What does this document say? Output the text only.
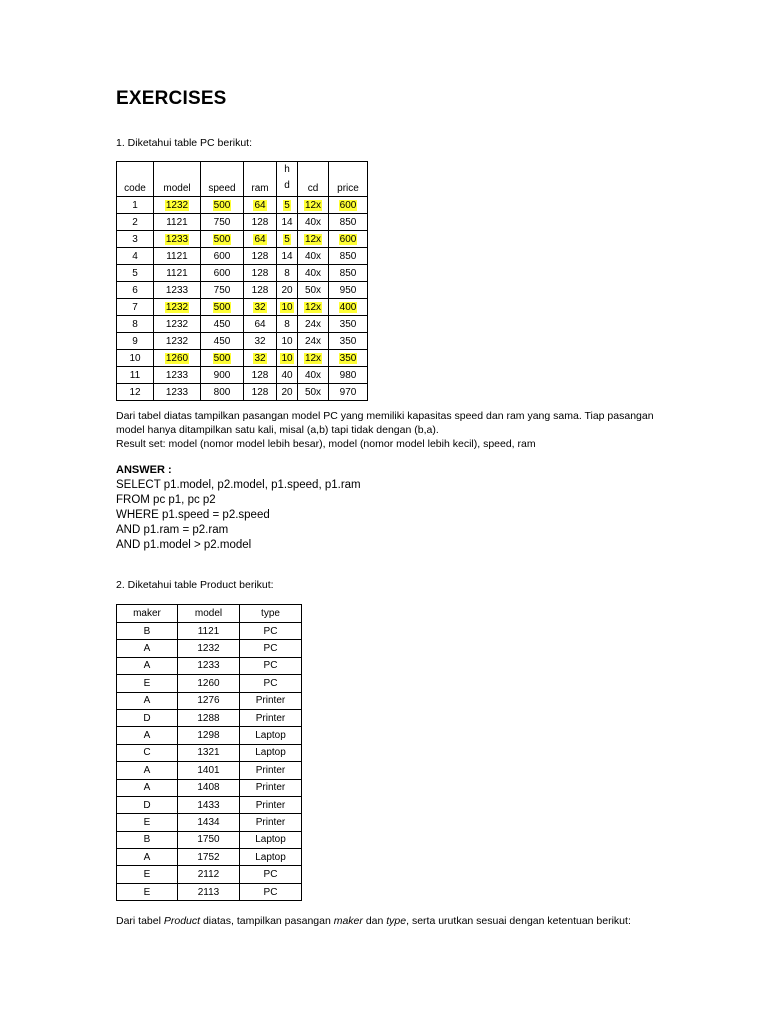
EXERCISES
1. Diketahui table PC berikut:
code	model	speed	ram	h d	cd	price
1	1232	500	64	5	12x	600
2	1121	750	128	14	40x	850
3	1233	500	64	5	12x	600
4	1121	600	128	14	40x	850
5	1121	600	128	8	40x	850
6	1233	750	128	20	50x	950
7	1232	500	32	10	12x	400
8	1232	450	64	8	24x	350
9	1232	450	32	10	24x	350
10	1260	500	32	10	12x	350
11	1233	900	128	40	40x	980
12	1233	800	128	20	50x	970
Dari tabel diatas tampilkan pasangan model PC yang memiliki kapasitas speed dan ram yang sama. Tiap pasangan
model hanya ditampilkan satu kali, misal (a,b) tapi tidak dengan (b,a).
Result set: model (nomor model lebih besar), model (nomor model lebih kecil), speed, ram
ANSWER :
SELECT p1.model, p2.model, p1.speed, p1.ram
FROM pc p1, pc p2
WHERE p1.speed = p2.speed
AND p1.ram = p2.ram
AND p1.model > p2.model
2. Diketahui table Product berikut:
maker	model	type
B	1121	PC
A	1232	PC
A	1233	PC
E	1260	PC
A	1276	Printer
D	1288	Printer
A	1298	Laptop
C	1321	Laptop
A	1401	Printer
A	1408	Printer
D	1433	Printer
E	1434	Printer
B	1750	Laptop
A	1752	Laptop
E	2112	PC
E	2113	PC
Dari tabel Product diatas, tampilkan pasangan maker dan type, serta urutkan sesuai dengan ketentuan berikut:
